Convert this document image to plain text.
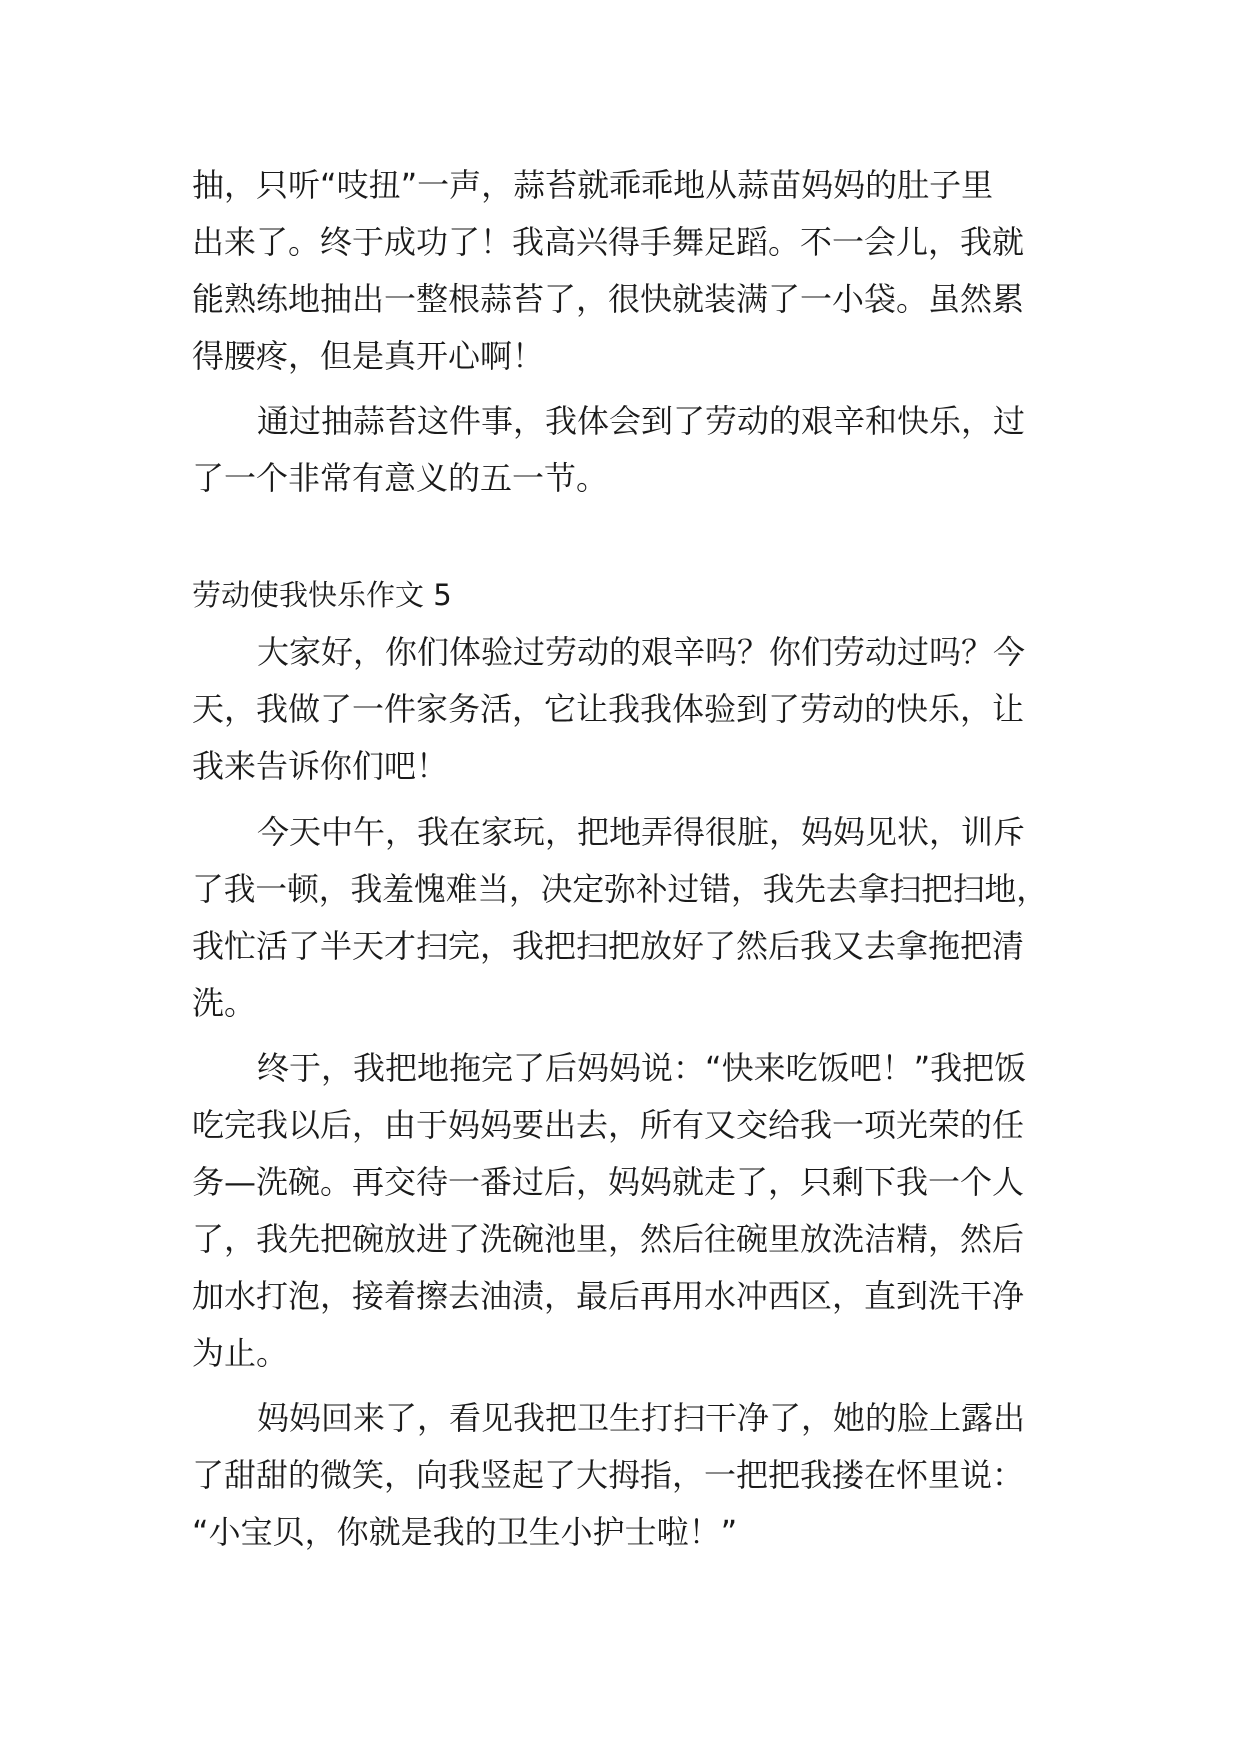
抽，只听“吱扭”一声，蒜苔就乖乖地从蒜苗妈妈的肚子里
出来了。终于成功了！我高兴得手舞足蹈。不一会儿，我就
能熟练地抽出一整根蒜苔了，很快就装满了一小袋。虽然累
得腰疼，但是真开心啊！
通过抽蒜苔这件事，我体会到了劳动的艰辛和快乐，过
了一个非常有意义的五一节。
劳动使我快乐作文 5
大家好，你们体验过劳动的艰辛吗？你们劳动过吗？今
天，我做了一件家务活，它让我我体验到了劳动的快乐，让
我来告诉你们吧！
今天中午，我在家玩，把地弄得很脏，妈妈见状，训斥
了我一顿，我羞愧难当，决定弥补过错，我先去拿扫把扫地，
我忙活了半天才扫完，我把扫把放好了然后我又去拿拖把清
洗。
终于，我把地拖完了后妈妈说：“快来吃饭吧！”我把饭
吃完我以后，由于妈妈要出去，所有又交给我一项光荣的任
务—洗碗。再交待一番过后，妈妈就走了，只剩下我一个人
了，我先把碗放进了洗碗池里，然后往碗里放洗洁精，然后
加水打泡，接着擦去油渍，最后再用水冲西区，直到洗干净
为止。
妈妈回来了，看见我把卫生打扫干净了，她的脸上露出
了甜甜的微笑，向我竖起了大拇指，一把把我搂在怀里说：
“小宝贝，你就是我的卫生小护士啦！”
